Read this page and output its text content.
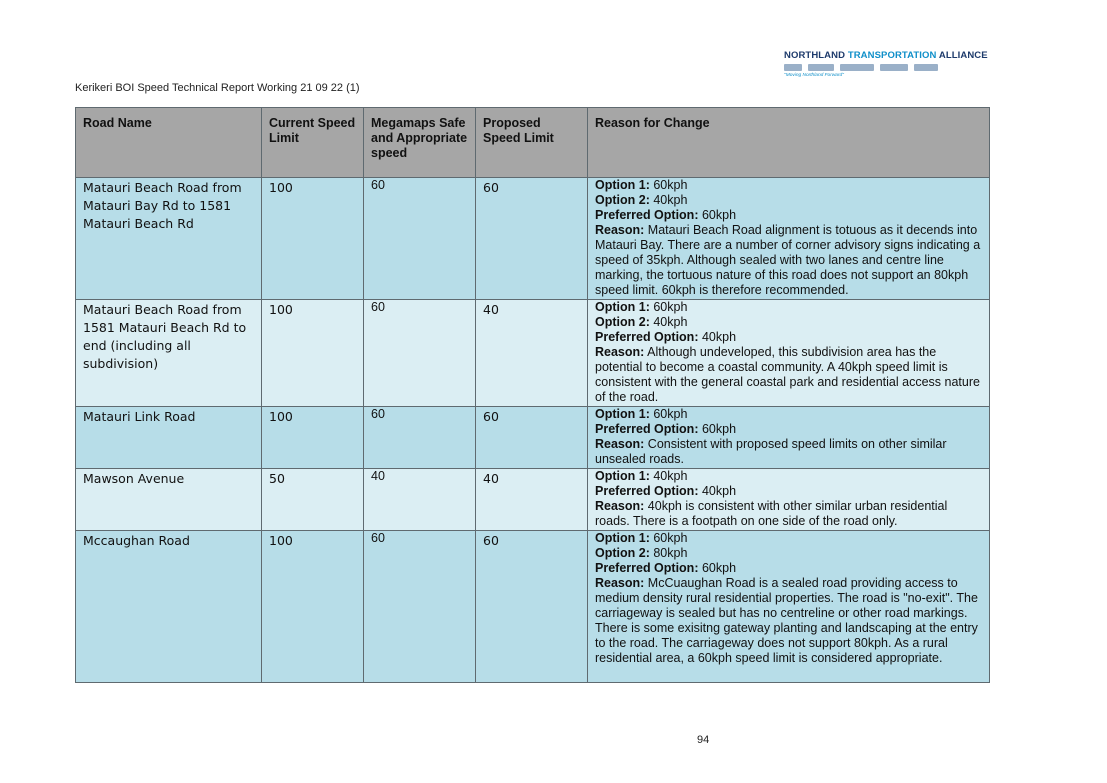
NORTHLAND TRANSPORTATION ALLIANCE
"Moving Northland Forward"
Kerikeri BOI Speed Technical Report Working 21 09 22 (1)
Road Name	Current Speed Limit	Megamaps Safe and Appropriate speed	Proposed Speed Limit	Reason for Change
Matauri Beach Road from Matauri Bay Rd to 1581 Matauri Beach Rd	100	60	60	Option 1: 60kph
Option 2: 40kph
Preferred Option: 60kph
Reason: Matauri Beach Road alignment is totuous as it decends into Matauri Bay. There are a number of corner advisory signs indicating a speed of 35kph. Although sealed with two lanes and centre line marking, the tortuous nature of this road does not support an 80kph speed limit. 60kph is therefore recommended.

Matauri Beach Road from 1581 Matauri Beach Rd to end (including all subdivision)	100	60	40	Option 1: 60kph
Option 2: 40kph
Preferred Option: 40kph
Reason: Although undeveloped, this subdivision area has the potential to become a coastal community. A 40kph speed limit is consistent with the general coastal park and residential access nature of the road.

Matauri Link Road	100	60	60	Option 1: 60kph
Preferred Option: 60kph
Reason: Consistent with proposed speed limits on other similar unsealed roads.

Mawson Avenue	50	40	40	Option 1: 40kph
Preferred Option: 40kph
Reason: 40kph is consistent with other similar urban residential roads. There is a footpath on one side of the road only.

Mccaughan Road	100	60	60	Option 1: 60kph
Option 2: 80kph
Preferred Option: 60kph
Reason: McCuaughan Road is a sealed road providing access to medium density rural residential properties. The road is "no-exit". The carriageway is sealed but has no centreline or other road markings. There is some exisitng gateway planting and landscaping at the entry to the road. The carriageway does not support 80kph. As a rural residential area, a 60kph speed limit is considered appropriate.
94
